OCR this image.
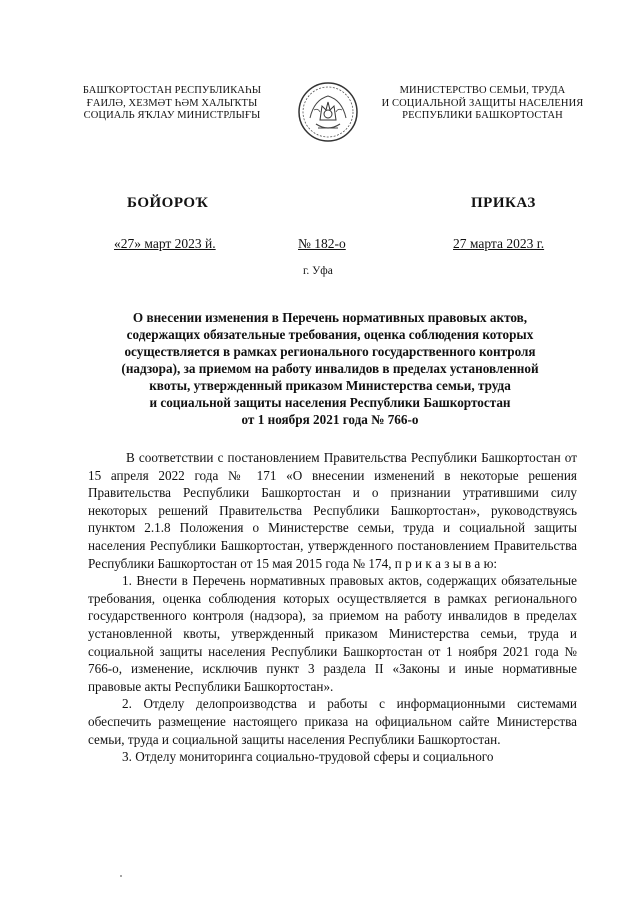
БАШҠОРТОСТАН РЕСПУБЛИКАҺЫ
ҒАИЛӘ, ХЕЗМӘТ ҺӘМ ХАЛЫҠТЫ
СОЦИАЛЬ ЯҠЛАУ МИНИСТРЛЫҒЫ
МИНИСТЕРСТВО СЕМЬИ, ТРУДА
И СОЦИАЛЬНОЙ ЗАЩИТЫ НАСЕЛЕНИЯ
РЕСПУБЛИКИ БАШКОРТОСТАН
БОЙОРОҠ	ПРИКАЗ
«27» март 2023 й.	№ 182-о	27 марта 2023 г.
г. Уфа
О внесении изменения в Перечень нормативных правовых актов,
содержащих обязательные требования, оценка соблюдения которых
осуществляется в рамках регионального государственного контроля
(надзора), за приемом на работу инвалидов в пределах установленной
квоты, утвержденный приказом Министерства семьи, труда
и социальной защиты населения Республики Башкортостан
от 1 ноября 2021 года № 766-о

В соответствии с постановлением Правительства Республики Башкортостан от 15 апреля 2022 года № 171 «О внесении изменений в некоторые решения Правительства Республики Башкортостан и о признании утратившими силу некоторых решений Правительства Республики Башкортостан», руководствуясь пунктом 2.1.8 Положения о Министерстве семьи, труда и социальной защиты населения Республики Башкортостан, утвержденного постановлением Правительства Республики Башкортостан от 15 мая 2015 года № 174, п р и к а з ы в а ю:

1. Внести в Перечень нормативных правовых актов, содержащих обязательные требования, оценка соблюдения которых осуществляется в рамках регионального государственного контроля (надзора), за приемом на работу инвалидов в пределах установленной квоты, утвержденный приказом Министерства семьи, труда и социальной защиты населения Республики Башкортостан от 1 ноября 2021 года № 766-о, изменение, исключив пункт 3 раздела II «Законы и иные нормативные правовые акты Республики Башкортостан».

2. Отделу делопроизводства и работы с информационными системами обеспечить размещение настоящего приказа на официальном сайте Министерства семьи, труда и социальной защиты населения Республики Башкортостан.

3. Отделу мониторинга социально-трудовой сферы и социального
